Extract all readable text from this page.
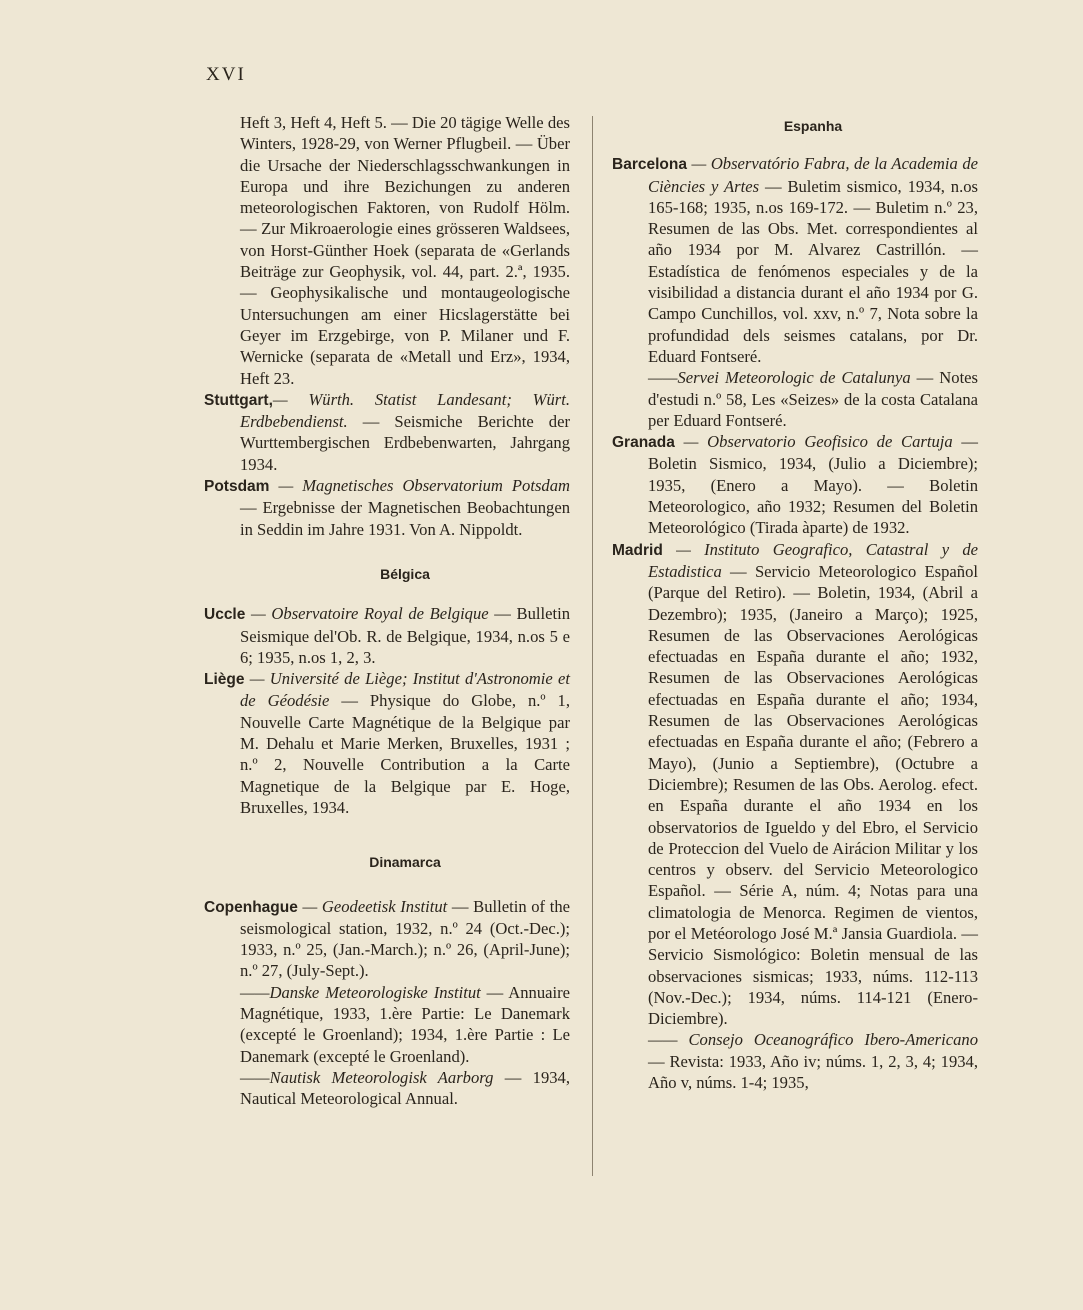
XVI

Heft 3, Heft 4, Heft 5. — Die 20 tägige Welle des Winters, 1928-29, von Werner Pflugbeil. — Über die Ursache der Niederschlagsschwankungen in Europa und ihre Bezichungen zu anderen meteorologischen Faktoren, von Rudolf Hölm. — Zur Mikroaerologie eines grösseren Waldsees, von Horst-Günther Hoek (separata de «Gerlands Beiträge zur Geophysik, vol. 44, part. 2.ª, 1935. — Geophysikalische und montaugeologische Untersuchungen am einer Hicslagerstätte bei Geyer im Erzgebirge, von P. Milaner und F. Wernicke (separata de «Metall und Erz», 1934, Heft 23.

Stuttgart,— Würth. Statist Landesant; Würt. Erdbebendienst. — Seismiche Berichte der Wurttembergischen Erdbebenwarten, Jahrgang 1934.

Potsdam — Magnetisches Observatorium Potsdam — Ergebnisse der Magnetischen Beobachtungen in Seddin im Jahre 1931. Von A. Nippoldt.

Bélgica

Uccle — Observatoire Royal de Belgique — Bulletin Seismique del'Ob. R. de Belgique, 1934, n.os 5 e 6; 1935, n.os 1, 2, 3.

Liège — Université de Liège; Institut d'Astronomie et de Géodésie — Physique do Globe, n.º 1, Nouvelle Carte Magnétique de la Belgique par M. Dehalu et Marie Merken, Bruxelles, 1931 ; n.º 2, Nouvelle Contribution a la Carte Magnetique de la Belgique par E. Hoge, Bruxelles, 1934.

Dinamarca

Copenhague — Geodeetisk Institut — Bulletin of the seismological station, 1932, n.º 24 (Oct.-Dec.); 1933, n.º 25, (Jan.-March.); n.º 26, (April-June); n.º 27, (July-Sept.).

——Danske Meteorologiske Institut — Annuaire Magnétique, 1933, 1.ère Partie: Le Danemark (excepté le Groenland); 1934, 1.ère Partie : Le Danemark (excepté le Groenland).

——Nautisk Meteorologisk Aarborg — 1934, Nautical Meteorological Annual.

Espanha

Barcelona — Observatório Fabra, de la Academia de Ciències y Artes — Buletim sismico, 1934, n.os 165-168; 1935, n.os 169-172. — Buletim n.º 23, Resumen de las Obs. Met. correspondientes al año 1934 por M. Alvarez Castrillón. — Estadística de fenómenos especiales y de la visibilidad a distancia durant el año 1934 por G. Campo Cunchillos, vol. xxv, n.º 7, Nota sobre la profundidad dels seismes catalans, por Dr. Eduard Fontseré.

——Servei Meteorologic de Catalunya — Notes d'estudi n.º 58, Les «Seizes» de la costa Catalana per Eduard Fontseré.

Granada — Observatorio Geofisico de Cartuja — Boletin Sismico, 1934, (Julio a Diciembre); 1935, (Enero a Mayo). — Boletin Meteorologico, año 1932; Resumen del Boletin Meteorológico (Tirada àparte) de 1932.

Madrid — Instituto Geografico, Catastral y de Estadistica — Servicio Meteorologico Español (Parque del Retiro). — Boletin, 1934, (Abril a Dezembro); 1935, (Janeiro a Março); 1925, Resumen de las Observaciones Aerológicas efectuadas en España durante el año; 1932, Resumen de las Observaciones Aerológicas efectuadas en España durante el año; 1934, Resumen de las Observaciones Aerológicas efectuadas en España durante el año; (Febrero a Mayo), (Junio a Septiembre), (Octubre a Diciembre); Resumen de las Obs. Aerolog. efect. en España durante el año 1934 en los observatorios de Igueldo y del Ebro, el Servicio de Proteccion del Vuelo de Airácion Militar y los centros y observ. del Servicio Meteorologico Español. — Série A, núm. 4; Notas para una climatologia de Menorca. Regimen de vientos, por el Metéorologo José M.ª Jansia Guardiola. — Servicio Sismológico: Boletin mensual de las observaciones sismicas; 1933, núms. 112-113 (Nov.-Dec.); 1934, núms. 114-121 (Enero-Diciembre).

—— Consejo Oceanográfico Ibero-Americano — Revista: 1933, Año iv; núms. 1, 2, 3, 4; 1934, Año v, núms. 1-4; 1935,
